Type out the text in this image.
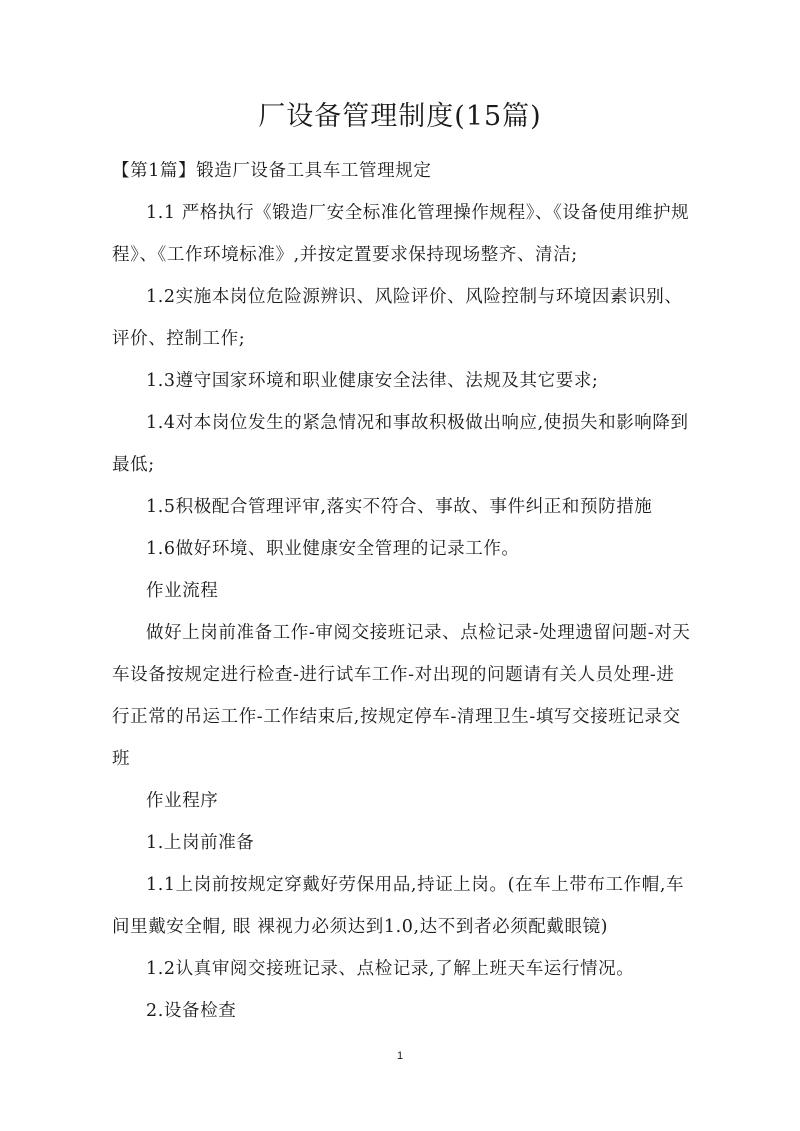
厂设备管理制度(15篇)

【第1篇】锻造厂设备工具车工管理规定

1.1 严格执行《锻造厂安全标准化管理操作规程》、《设备使用维护规程》、《工作环境标准》,并按定置要求保持现场整齐、清洁;

1.2实施本岗位危险源辨识、风险评价、风险控制与环境因素识别、评价、控制工作;

1.3遵守国家环境和职业健康安全法律、法规及其它要求;

1.4对本岗位发生的紧急情况和事故积极做出响应,使损失和影响降到最低;

1.5积极配合管理评审,落实不符合、事故、事件纠正和预防措施

1.6做好环境、职业健康安全管理的记录工作。

作业流程

做好上岗前准备工作-审阅交接班记录、点检记录-处理遗留问题-对天车设备按规定进行检查-进行试车工作-对出现的问题请有关人员处理-进行正常的吊运工作-工作结束后,按规定停车-清理卫生-填写交接班记录交班

作业程序

1.上岗前准备

1.1上岗前按规定穿戴好劳保用品,持证上岗。(在车上带布工作帽,车间里戴安全帽, 眼 裸视力必须达到1.0,达不到者必须配戴眼镜)

1.2认真审阅交接班记录、点检记录,了解上班天车运行情况。

2.设备检查

1
